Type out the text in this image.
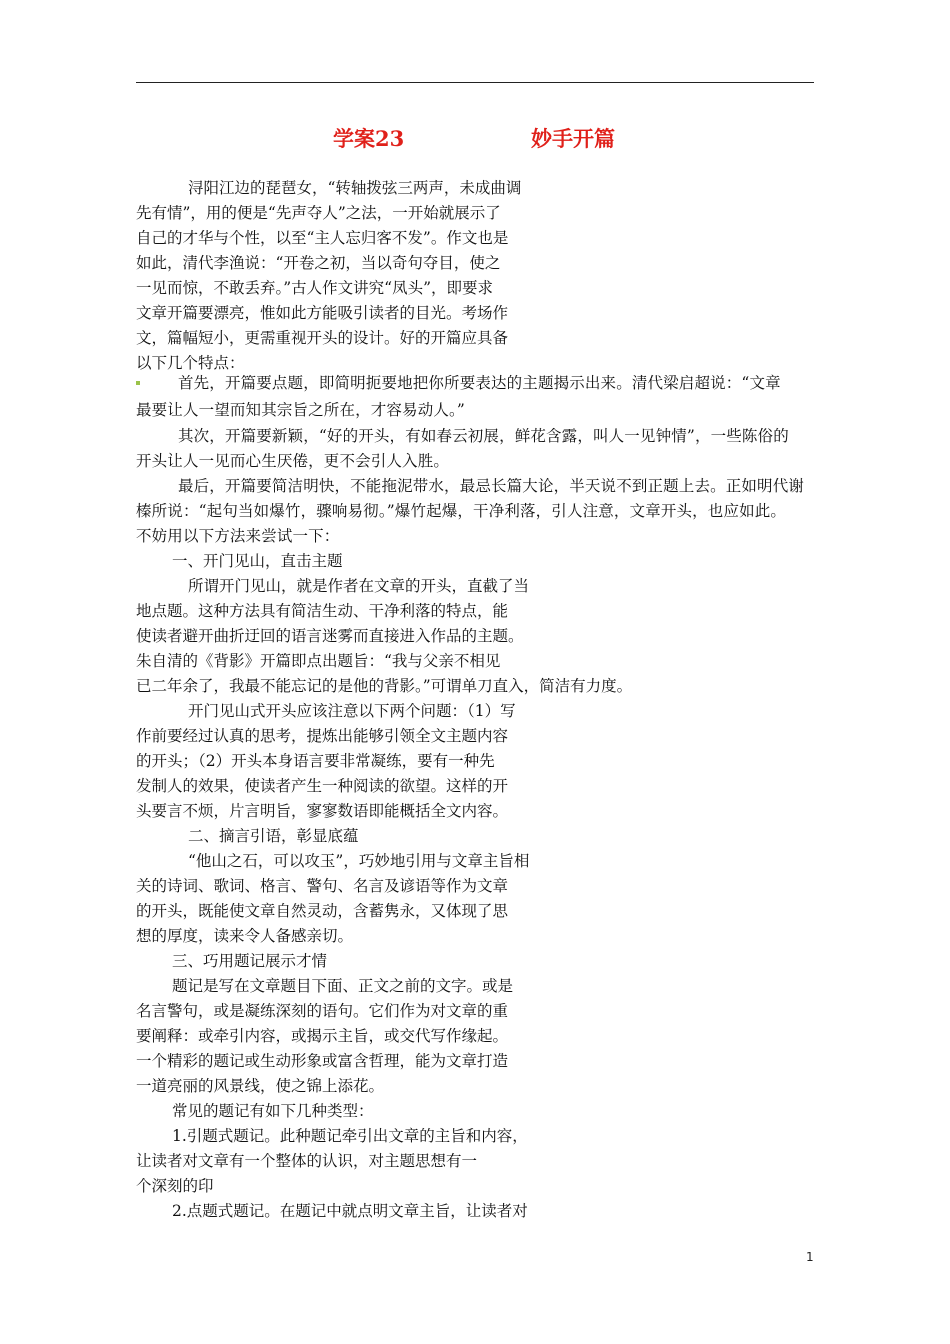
学案23	妙手开篇
浔阳江边的琵琶女，“转轴拨弦三两声，未成曲调
先有情”，用的便是“先声夺人”之法，一开始就展示了
自己的才华与个性，以至“主人忘归客不发”。作文也是
如此，清代李渔说：“开卷之初，当以奇句夺目，使之
一见而惊，不敢丢弃。”古人作文讲究“凤头”，即要求
文章开篇要漂亮，惟如此方能吸引读者的目光。考场作
文，篇幅短小，更需重视开头的设计。好的开篇应具备
以下几个特点：
首先，开篇要点题，即简明扼要地把你所要表达的主题揭示出来。清代梁启超说：“文章
最要让人一望而知其宗旨之所在，才容易动人。”
其次，开篇要新颖，“好的开头，有如春云初展，鲜花含露，叫人一见钟情”，一些陈俗的
开头让人一见而心生厌倦，更不会引人入胜。
最后，开篇要简洁明快，不能拖泥带水，最忌长篇大论，半天说不到正题上去。正如明代谢
榛所说：“起句当如爆竹，骤响易彻。”爆竹起爆，干净利落，引人注意，文章开头，也应如此。
不妨用以下方法来尝试一下：
一、开门见山，直击主题
所谓开门见山，就是作者在文章的开头，直截了当
地点题。这种方法具有简洁生动、干净利落的特点，能
使读者避开曲折迂回的语言迷雾而直接进入作品的主题。
朱自清的《背影》开篇即点出题旨：“我与父亲不相见
已二年余了，我最不能忘记的是他的背影。”可谓单刀直入，简洁有力度。
开门见山式开头应该注意以下两个问题：（1）写
作前要经过认真的思考，提炼出能够引领全文主题内容
的开头；（2）开头本身语言要非常凝练，要有一种先
发制人的效果，使读者产生一种阅读的欲望。这样的开
头要言不烦，片言明旨，寥寥数语即能概括全文内容。
二、摘言引语，彰显底蕴
“他山之石，可以攻玉”，巧妙地引用与文章主旨相
关的诗词、歌词、格言、警句、名言及谚语等作为文章
的开头，既能使文章自然灵动，含蓄隽永，又体现了思
想的厚度，读来令人备感亲切。
三、巧用题记展示才情
题记是写在文章题目下面、正文之前的文字。或是
名言警句，或是凝练深刻的语句。它们作为对文章的重
要阐释：或牵引内容，或揭示主旨，或交代写作缘起。
一个精彩的题记或生动形象或富含哲理，能为文章打造
一道亮丽的风景线，使之锦上添花。
常见的题记有如下几种类型：
1.引题式题记。此种题记牵引出文章的主旨和内容，
让读者对文章有一个整体的认识，对主题思想有一
个深刻的印
2.点题式题记。在题记中就点明文章主旨，让读者对
1
